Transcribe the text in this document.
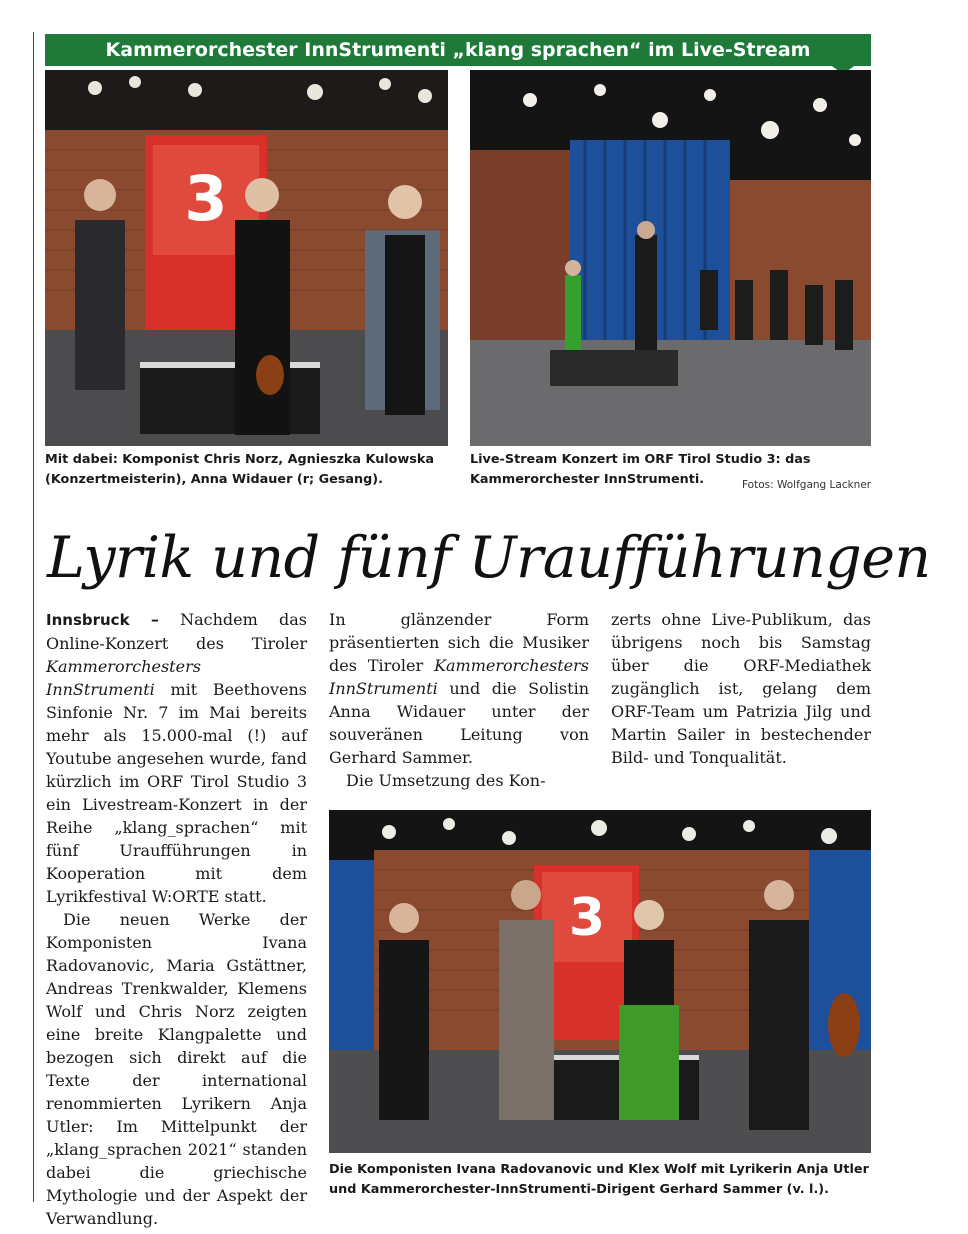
Kammerorchester InnStrumenti „klang sprachen“ im Live-Stream
3
Mit dabei: Komponist Chris Norz, Agnieszka Kulowska (Konzertmeisterin), Anna Widauer (r; Gesang).
Live-Stream Konzert im ORF Tirol Studio 3: das Kammerorchester InnStrumenti.	Fotos: Wolfgang Lackner
Lyrik und fünf Uraufführungen

Innsbruck – Nachdem das Online-Konzert des Tiroler Kammerorchesters InnStrumenti mit Beethovens Sinfonie Nr. 7 im Mai bereits mehr als 15.000-mal (!) auf Youtube angesehen wurde, fand kürzlich im ORF Tirol Studio 3 ein Livestream-Konzert in der Reihe „klang_sprachen“ mit fünf Uraufführungen in Kooperation mit dem Lyrikfestival W:ORTE statt.

Die neuen Werke der Komponisten Ivana Radovanovic, Maria Gstättner, Andreas Trenkwalder, Klemens Wolf und Chris Norz zeigten eine breite Klangpalette und bezogen sich direkt auf die Texte der international renommierten Lyrikern Anja Utler: Im Mittelpunkt der „klang_sprachen 2021“ standen dabei die griechische Mythologie und der Aspekt der Verwandlung.

In glänzender Form präsentierten sich die Musiker des Tiroler Kammerorchesters InnStrumenti und die Solistin Anna Widauer unter der souveränen Leitung von Gerhard Sammer.

Die Umsetzung des Kon-

zerts ohne Live-Publikum, das übrigens noch bis Samstag über die ORF-Mediathek zugänglich ist, gelang dem ORF-Team um Patrizia Jilg und Martin Sailer in bestechender Bild- und Tonqualität.

3
Die Komponisten Ivana Radovanovic und Klex Wolf mit Lyrikerin Anja Utler und Kammerorchester-InnStrumenti-Dirigent Gerhard Sammer (v. l.).
